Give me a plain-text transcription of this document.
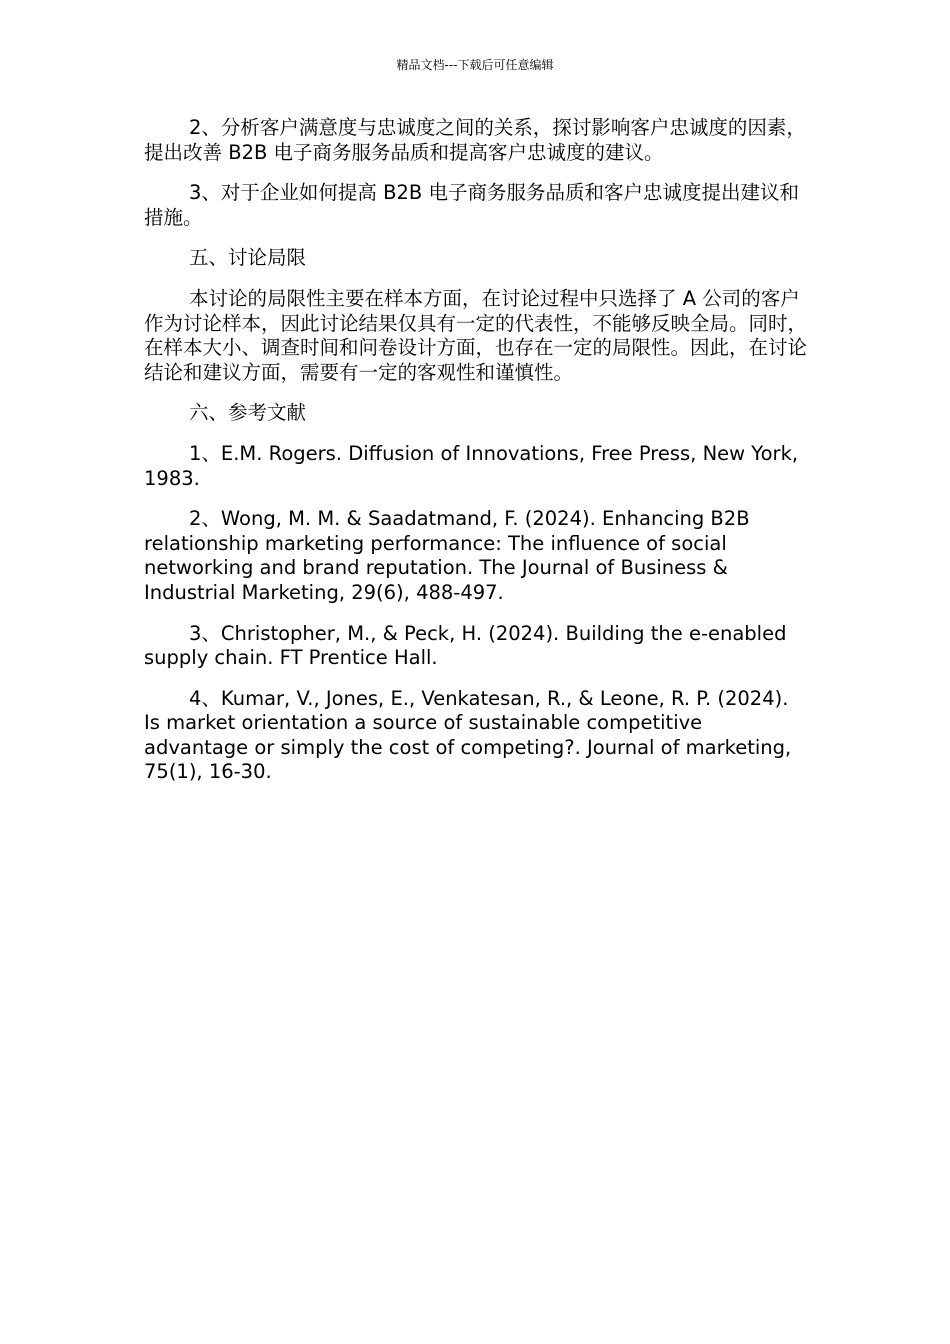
精品文档---下载后可任意编辑

2、分析客户满意度与忠诚度之间的关系，探讨影响客户忠诚度的因素，提出改善 B2B 电子商务服务品质和提高客户忠诚度的建议。

3、对于企业如何提高 B2B 电子商务服务品质和客户忠诚度提出建议和措施。

五、讨论局限

本讨论的局限性主要在样本方面，在讨论过程中只选择了 A 公司的客户作为讨论样本，因此讨论结果仅具有一定的代表性，不能够反映全局。同时，在样本大小、调查时间和问卷设计方面，也存在一定的局限性。因此，在讨论结论和建议方面，需要有一定的客观性和谨慎性。

六、参考文献

1、E.M. Rogers. Diffusion of Innovations, Free Press, New York, 1983.

2、Wong, M. M. & Saadatmand, F. (2024). Enhancing B2B relationship marketing performance: The influence of social networking and brand reputation. The Journal of Business & Industrial Marketing, 29(6), 488-497.

3、Christopher, M., & Peck, H. (2024). Building the e-enabled supply chain. FT Prentice Hall.

4、Kumar, V., Jones, E., Venkatesan, R., & Leone, R. P. (2024). Is market orientation a source of sustainable competitive advantage or simply the cost of competing?. Journal of marketing, 75(1), 16-30.
